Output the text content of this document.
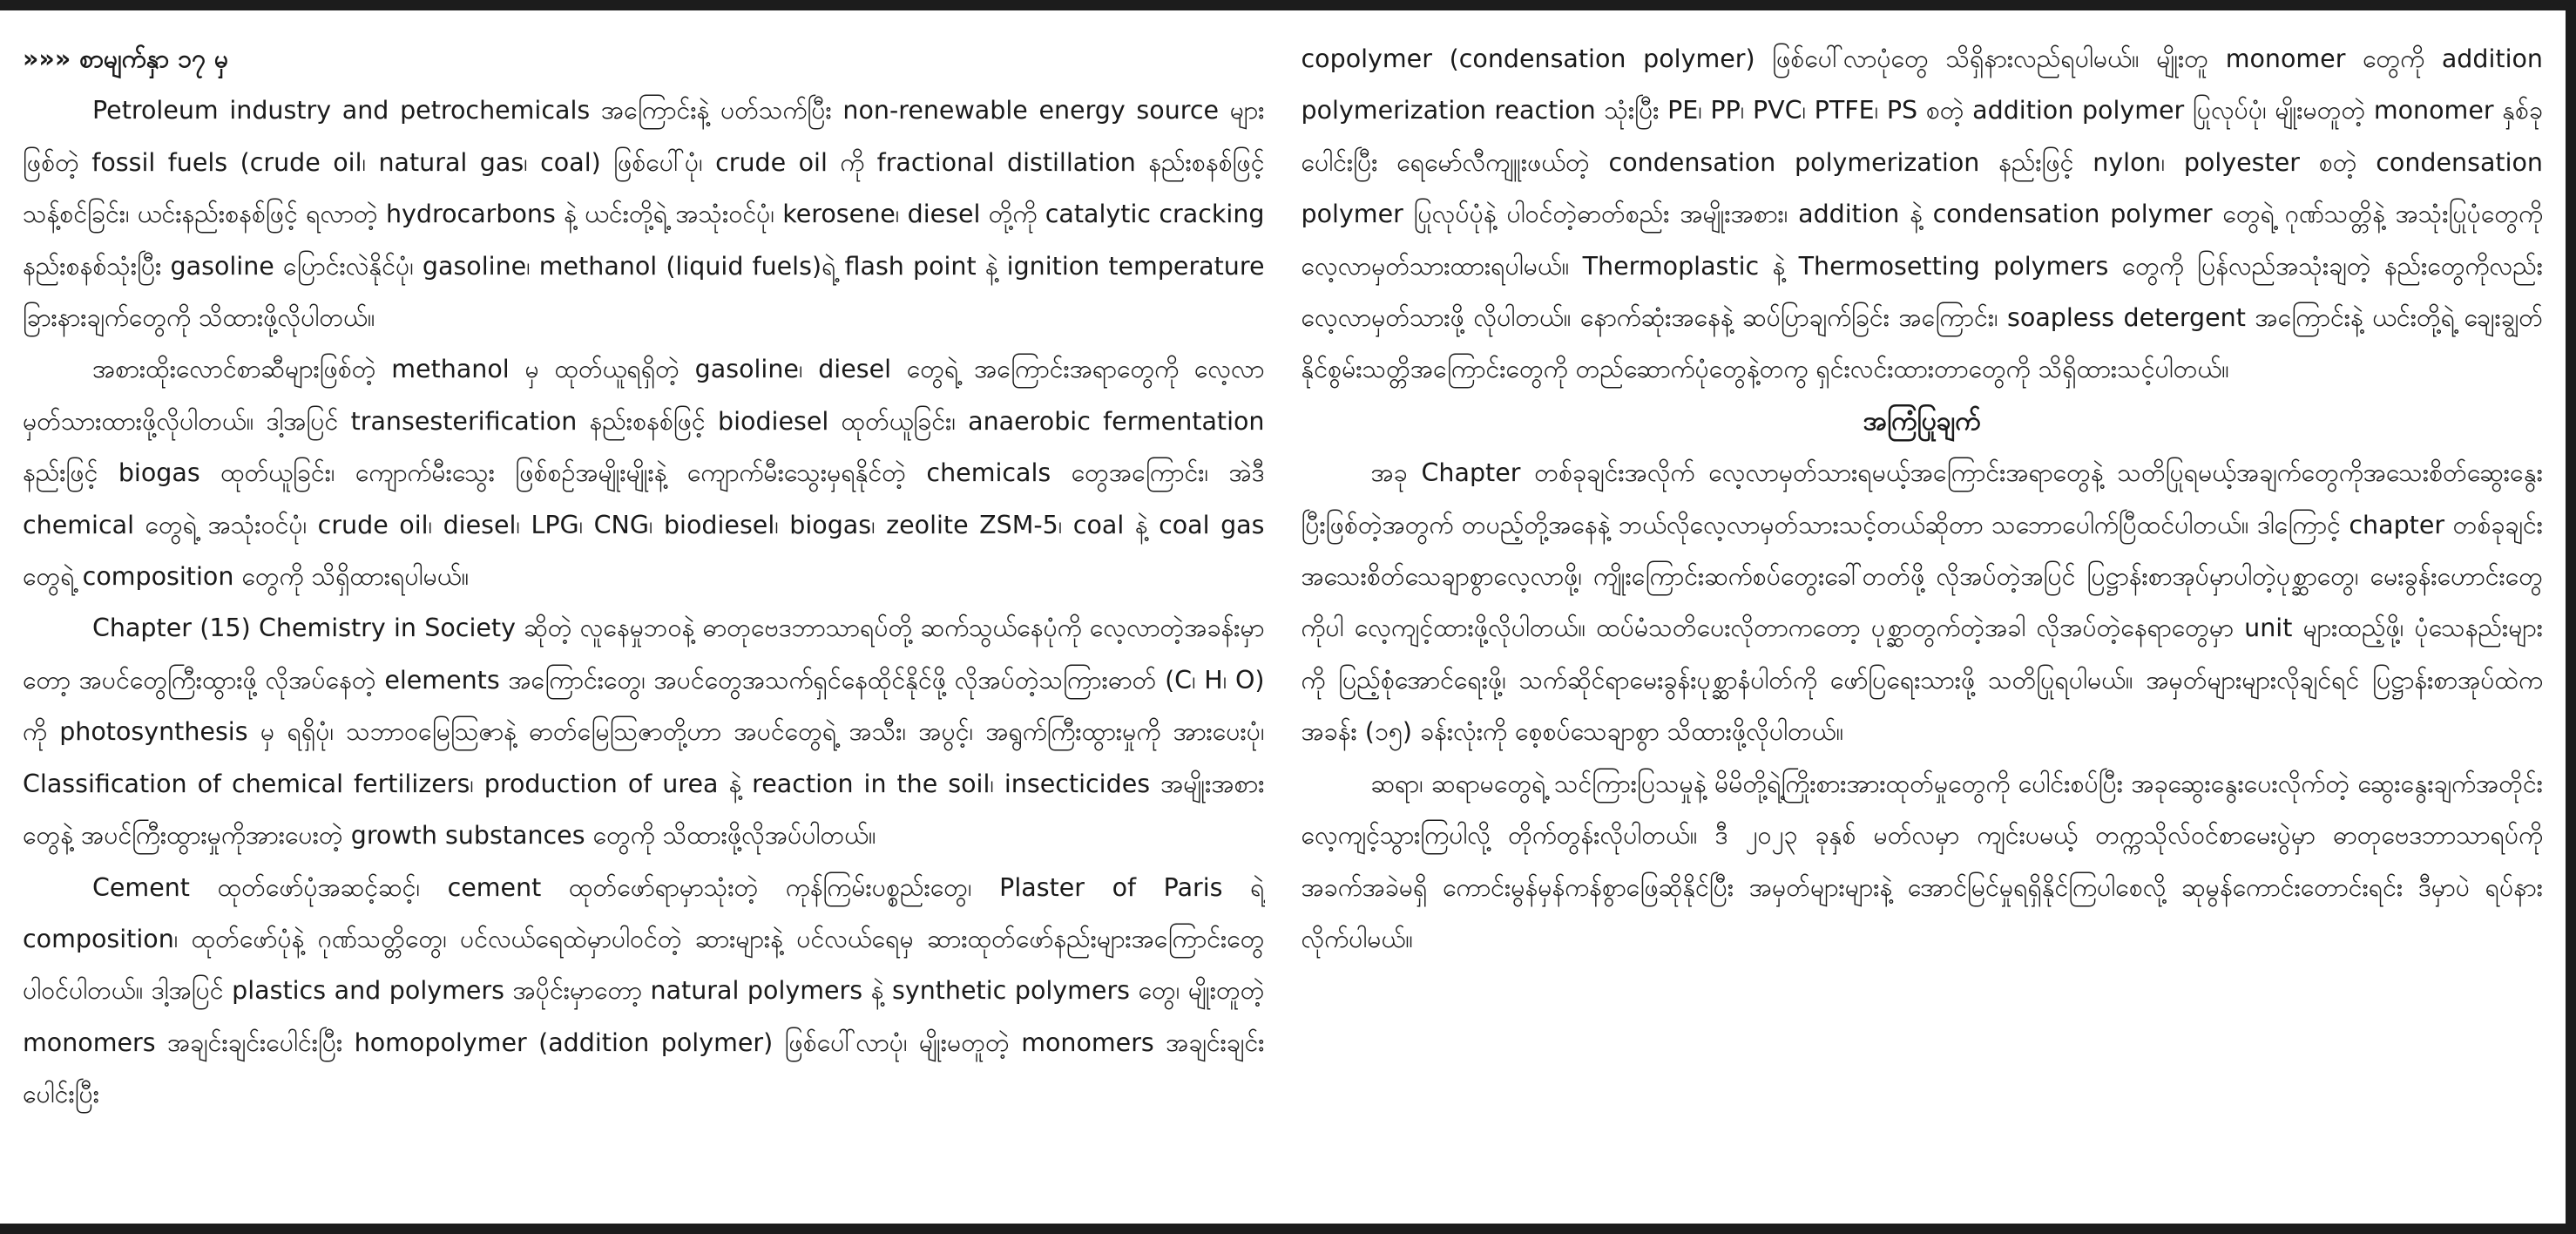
»»» စာမျက်နှာ ၁၇ မှ

Petroleum industry and petrochemicals အကြောင်းနဲ့ ပတ်သက်ပြီး non-renewable energy source များဖြစ်တဲ့ fossil fuels (crude oil၊ natural gas၊ coal) ဖြစ်ပေါ်ပုံ၊ crude oil ကို fractional distillation နည်းစနစ်ဖြင့် သန့်စင်ခြင်း၊ ယင်းနည်းစနစ်ဖြင့် ရလာတဲ့ hydrocarbons နဲ့ ယင်းတို့ရဲ့ အသုံးဝင်ပုံ၊ kerosene၊ diesel တို့ကို catalytic cracking နည်းစနစ်သုံးပြီး gasoline ပြောင်းလဲနိုင်ပုံ၊ gasoline၊ methanol (liquid fuels)ရဲ့ flash point နဲ့ ignition temperature ခြားနားချက်တွေကို သိထားဖို့လိုပါတယ်။

အစားထိုးလောင်စာဆီများဖြစ်တဲ့ methanol မှ ထုတ်ယူရရှိတဲ့ gasoline၊ diesel တွေရဲ့ အကြောင်းအရာတွေကို လေ့လာမှတ်သားထားဖို့လိုပါတယ်။ ဒါ့အပြင် transesterification နည်းစနစ်ဖြင့် biodiesel ထုတ်ယူခြင်း၊ anaerobic fermentation နည်းဖြင့် biogas ထုတ်ယူခြင်း၊ ကျောက်မီးသွေး ဖြစ်စဉ်အမျိုးမျိုးနဲ့ ကျောက်မီးသွေးမှရနိုင်တဲ့ chemicals တွေအကြောင်း၊ အဲဒီ chemical တွေရဲ့ အသုံးဝင်ပုံ၊ crude oil၊ diesel၊ LPG၊ CNG၊ biodiesel၊ biogas၊ zeolite ZSM-5၊ coal နဲ့ coal gas တွေရဲ့ composition တွေကို သိရှိထားရပါမယ်။

Chapter (15) Chemistry in Society ဆိုတဲ့ လူနေမှုဘဝနဲ့ ဓာတုဗေဒဘာသာရပ်တို့ ဆက်သွယ်နေပုံကို လေ့လာတဲ့အခန်းမှာတော့ အပင်တွေကြီးထွားဖို့ လိုအပ်နေတဲ့ elements အကြောင်းတွေ၊ အပင်တွေအသက်ရှင်နေထိုင်နိုင်ဖို့ လိုအပ်တဲ့သကြားဓာတ် (C၊ H၊ O) ကို photosynthesis မှ ရရှိပုံ၊ သဘာဝမြေသြဇာနဲ့ ဓာတ်မြေသြဇာတို့ဟာ အပင်တွေရဲ့ အသီး၊ အပွင့်၊ အရွက်ကြီးထွားမှုကို အားပေးပုံ၊ Classification of chemical fertilizers၊ production of urea နဲ့ reaction in the soil၊ insecticides အမျိုးအစားတွေနဲ့ အပင်ကြီးထွားမှုကိုအားပေးတဲ့ growth substances တွေကို သိထားဖို့လိုအပ်ပါတယ်။

Cement ထုတ်ဖော်ပုံအဆင့်ဆင့်၊ cement ထုတ်ဖော်ရာမှာသုံးတဲ့ ကုန်ကြမ်းပစ္စည်းတွေ၊ Plaster of Paris ရဲ့ composition၊ ထုတ်ဖော်ပုံနဲ့ ဂုဏ်သတ္တိတွေ၊ ပင်လယ်ရေထဲမှာပါဝင်တဲ့ ဆားများနဲ့ ပင်လယ်ရေမှ ဆားထုတ်ဖော်နည်းများအကြောင်းတွေ ပါဝင်ပါတယ်။ ဒါ့အပြင် plastics and polymers အပိုင်းမှာတော့ natural polymers နဲ့ synthetic polymers တွေ၊ မျိုးတူတဲ့ monomers အချင်းချင်းပေါင်းပြီး homopolymer (addition polymer) ဖြစ်ပေါ်လာပုံ၊ မျိုးမတူတဲ့ monomers အချင်းချင်းပေါင်းပြီး

copolymer (condensation polymer) ဖြစ်ပေါ်လာပုံတွေ သိရှိနားလည်ရပါမယ်။ မျိုးတူ monomer တွေကို addition polymerization reaction သုံးပြီး PE၊ PP၊ PVC၊ PTFE၊ PS စတဲ့ addition polymer ပြုလုပ်ပုံ၊ မျိုးမတူတဲ့ monomer နှစ်ခုပေါင်းပြီး ရေမော်လီကျူးဖယ်တဲ့ condensation polymerization နည်းဖြင့် nylon၊ polyester စတဲ့ condensation polymer ပြုလုပ်ပုံနဲ့ ပါဝင်တဲ့ဓာတ်စည်း အမျိုးအစား၊ addition နဲ့ condensation polymer တွေရဲ့ ဂုဏ်သတ္တိနဲ့ အသုံးပြုပုံတွေကို လေ့လာမှတ်သားထားရပါမယ်။ Thermoplastic နဲ့ Thermosetting polymers တွေကို ပြန်လည်အသုံးချတဲ့ နည်းတွေကိုလည်း လေ့လာမှတ်သားဖို့ လိုပါတယ်။ နောက်ဆုံးအနေနဲ့ ဆပ်ပြာချက်ခြင်း အကြောင်း၊ soapless detergent အကြောင်းနဲ့ ယင်းတို့ရဲ့ ချေးချွတ်နိုင်စွမ်းသတ္တိအကြောင်းတွေကို တည်ဆောက်ပုံတွေနဲ့တကွ ရှင်းလင်းထားတာတွေကို သိရှိထားသင့်ပါတယ်။

အကြံပြုချက်

အခု Chapter တစ်ခုချင်းအလိုက် လေ့လာမှတ်သားရမယ့်အကြောင်းအရာတွေနဲ့ သတိပြုရမယ့်အချက်တွေကိုအသေးစိတ်ဆွေးနွေးပြီးဖြစ်တဲ့အတွက် တပည့်တို့အနေနဲ့ ဘယ်လိုလေ့လာမှတ်သားသင့်တယ်ဆိုတာ သဘောပေါက်ပြီထင်ပါတယ်။ ဒါကြောင့် chapter တစ်ခုချင်း အသေးစိတ်သေချာစွာလေ့လာဖို့၊ ကျိုးကြောင်းဆက်စပ်တွေးခေါ်တတ်ဖို့ လိုအပ်တဲ့အပြင် ပြဋ္ဌာန်းစာအုပ်မှာပါတဲ့ပုစ္ဆာတွေ၊ မေးခွန်းဟောင်းတွေကိုပါ လေ့ကျင့်ထားဖို့လိုပါတယ်။ ထပ်မံသတိပေးလိုတာကတော့ ပုစ္ဆာတွက်တဲ့အခါ လိုအပ်တဲ့နေရာတွေမှာ unit များထည့်ဖို့၊ ပုံသေနည်းများကို ပြည့်စုံအောင်ရေးဖို့၊ သက်ဆိုင်ရာမေးခွန်းပုစ္ဆာနံပါတ်ကို ဖော်ပြရေးသားဖို့ သတိပြုရပါမယ်။ အမှတ်များများလိုချင်ရင် ပြဋ္ဌာန်းစာအုပ်ထဲက အခန်း (၁၅) ခန်းလုံးကို စေ့စပ်သေချာစွာ သိထားဖို့လိုပါတယ်။

ဆရာ၊ ဆရာမတွေရဲ့ သင်ကြားပြသမှုနဲ့ မိမိတို့ရဲ့ကြိုးစားအားထုတ်မှုတွေကို ပေါင်းစပ်ပြီး အခုဆွေးနွေးပေးလိုက်တဲ့ ဆွေးနွေးချက်အတိုင်း လေ့ကျင့်သွားကြပါလို့ တိုက်တွန်းလိုပါတယ်။ ဒီ ၂၀၂၃ ခုနှစ် မတ်လမှာ ကျင်းပမယ့် တက္ကသိုလ်ဝင်စာမေးပွဲမှာ ဓာတုဗေဒဘာသာရပ်ကို အခက်အခဲမရှိ ကောင်းမွန်မှန်ကန်စွာဖြေဆိုနိုင်ပြီး အမှတ်များများနဲ့ အောင်မြင်မှုရရှိနိုင်ကြပါစေလို့ ဆုမွန်ကောင်းတောင်းရင်း ဒီမှာပဲ ရပ်နားလိုက်ပါမယ်။
